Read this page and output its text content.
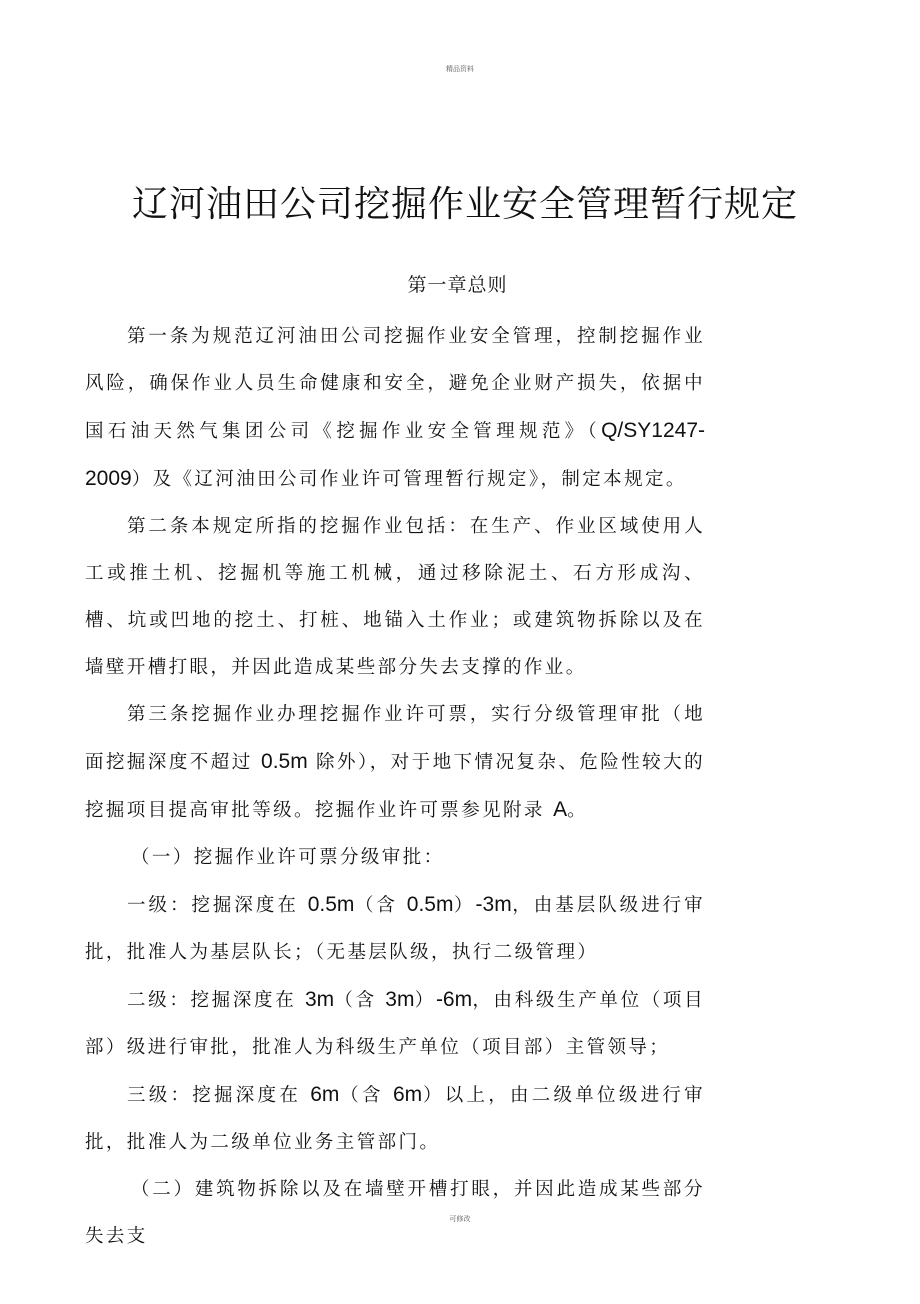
精品资料
辽河油田公司挖掘作业安全管理暂行规定
第一章总则

第一条为规范辽河油田公司挖掘作业安全管理，控制挖掘作业风险，确保作业人员生命健康和安全，避免企业财产损失，依据中国石油天然气集团公司《挖掘作业安全管理规范》（Q/SY1247-2009）及《辽河油田公司作业许可管理暂行规定》，制定本规定。

第二条本规定所指的挖掘作业包括：在生产、作业区域使用人工或推土机、挖掘机等施工机械，通过移除泥土、石方形成沟、槽、坑或凹地的挖土、打桩、地锚入土作业；或建筑物拆除以及在墙壁开槽打眼，并因此造成某些部分失去支撑的作业。

第三条挖掘作业办理挖掘作业许可票，实行分级管理审批（地面挖掘深度不超过 0.5m 除外），对于地下情况复杂、危险性较大的挖掘项目提高审批等级。挖掘作业许可票参见附录 A。

（一）挖掘作业许可票分级审批：

一级：挖掘深度在 0.5m（含 0.5m）-3m，由基层队级进行审批，批准人为基层队长；（无基层队级，执行二级管理）

二级：挖掘深度在 3m（含 3m）-6m，由科级生产单位（项目部）级进行审批，批准人为科级生产单位（项目部）主管领导；

三级：挖掘深度在 6m（含 6m）以上，由二级单位级进行审批，批准人为二级单位业务主管部门。

（二）建筑物拆除以及在墙壁开槽打眼，并因此造成某些部分失去支

可修改
